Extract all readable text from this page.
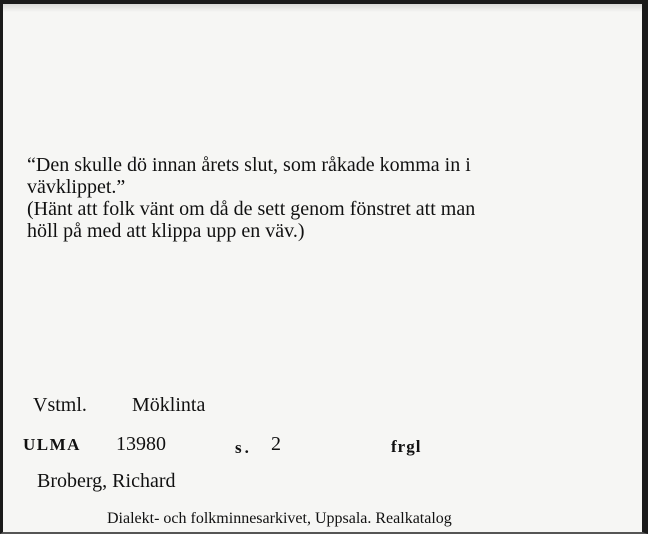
“Den skulle dö innan årets slut, som råkade komma in i

vävklippet.”

(Hänt att folk vänt om då de sett genom fönstret att man

höll på med att klippa upp en väv.)

Vstml. Möklinta
ULMA 13980	s. 2	frgl
Broberg, Richard
Dialekt- och folkminnesarkivet, Uppsala. Realkatalog
